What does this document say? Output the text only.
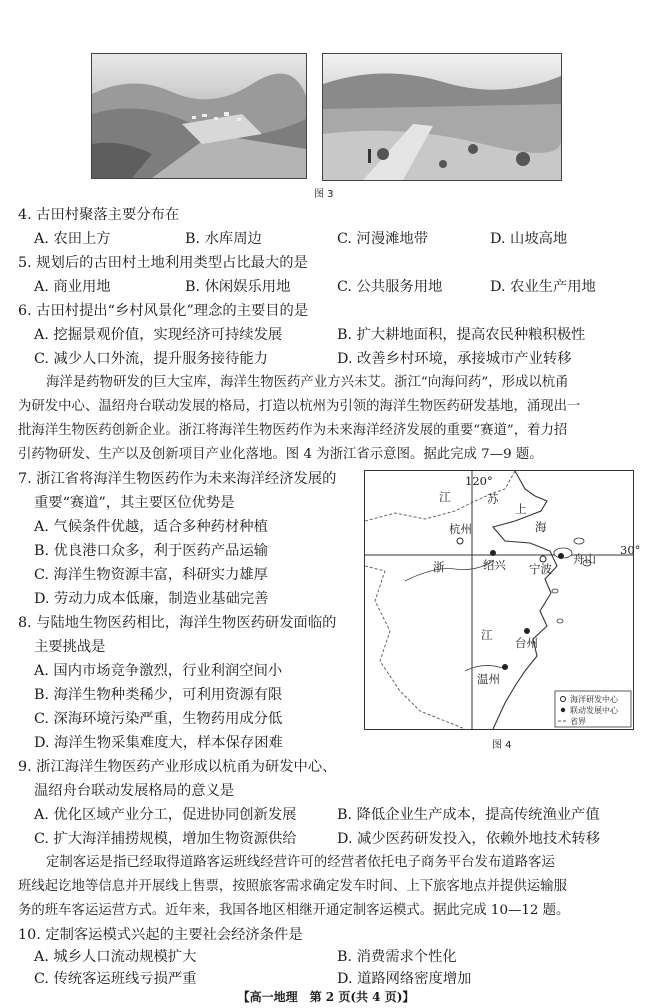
图 3
4. 古田村聚落主要分布在
A. 农田上方	B. 水库周边	C. 河漫滩地带	D. 山坡高地
5. 规划后的古田村土地利用类型占比最大的是
A. 商业用地	B. 休闲娱乐用地	C. 公共服务用地	D. 农业生产用地
6. 古田村提出“乡村风景化”理念的主要目的是
A. 挖掘景观价值，实现经济可持续发展	B. 扩大耕地面积，提高农民种粮积极性
C. 减少人口外流，提升服务接待能力	D. 改善乡村环境，承接城市产业转移
海洋是药物研发的巨大宝库，海洋生物医药产业方兴未艾。浙江“向海问药”，形成以杭甬
为研发中心、温绍舟台联动发展的格局，打造以杭州为引领的海洋生物医药研发基地，涌现出一
批海洋生物医药创新企业。浙江将海洋生物医药作为未来海洋经济发展的重要“赛道”，着力招
引药物研发、生产以及创新项目产业化落地。图 4 为浙江省示意图。据此完成 7—9 题。
7. 浙江省将海洋生物医药作为未来海洋经济发展的
重要“赛道”，其主要区位优势是
A. 气候条件优越，适合多种药材种植
B. 优良港口众多，利于医药产品运输
C. 海洋生物资源丰富，科研实力雄厚
D. 劳动力成本低廉，制造业基础完善
8. 与陆地生物医药相比，海洋生物医药研发面临的
主要挑战是
A. 国内市场竞争激烈，行业利润空间小
B. 海洋生物种类稀少，可利用资源有限
C. 深海环境污染严重，生物药用成分低
D. 海洋生物采集难度大，样本保存困难
120°
30°
江	苏
上
海
杭州
绍兴 宁波
舟山
浙
江
台州
温州
海洋研发中心
联动发展中心
省界
图 4
9. 浙江海洋生物医药产业形成以杭甬为研发中心、
温绍舟台联动发展格局的意义是
A. 优化区域产业分工，促进协同创新发展	B. 降低企业生产成本，提高传统渔业产值
C. 扩大海洋捕捞规模，增加生物资源供给	D. 减少医药研发投入，依赖外地技术转移
定制客运是指已经取得道路客运班线经营许可的经营者依托电子商务平台发布道路客运
班线起讫地等信息并开展线上售票，按照旅客需求确定发车时间、上下旅客地点并提供运输服
务的班车客运运营方式。近年来，我国各地区相继开通定制客运模式。据此完成 10—12 题。
10. 定制客运模式兴起的主要社会经济条件是
A. 城乡人口流动规模扩大	B. 消费需求个性化
C. 传统客运班线亏损严重	D. 道路网络密度增加
【高一地理　第 2 页(共 4 页)】
